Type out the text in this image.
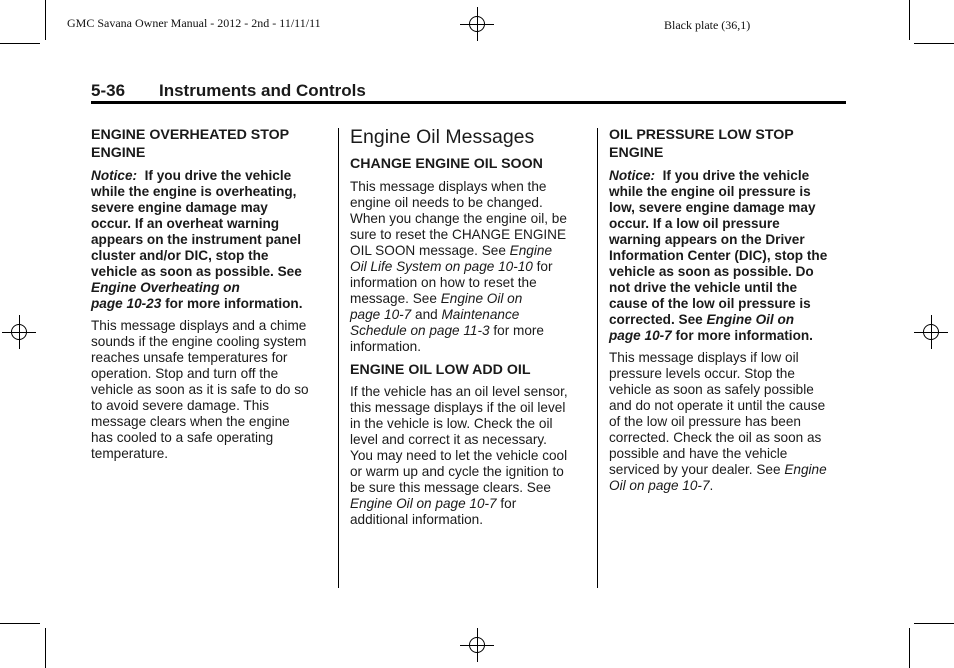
GMC Savana Owner Manual - 2012 - 2nd - 11/11/11	Black plate (36,1)
5-36 Instruments and Controls
ENGINE OVERHEATED STOP
ENGINE
Notice: If you drive the vehicle
while the engine is overheating,
severe engine damage may
occur. If an overheat warning
appears on the instrument panel
cluster and/or DIC, stop the
vehicle as soon as possible. See
Engine Overheating on
page 10-23 for more information.
This message displays and a chime
sounds if the engine cooling system
reaches unsafe temperatures for
operation. Stop and turn off the
vehicle as soon as it is safe to do so
to avoid severe damage. This
message clears when the engine
has cooled to a safe operating
temperature.
Engine Oil Messages
CHANGE ENGINE OIL SOON
This message displays when the
engine oil needs to be changed.
When you change the engine oil, be
sure to reset the CHANGE ENGINE
OIL SOON message. See Engine
Oil Life System on page 10-10 for
information on how to reset the
message. See Engine Oil on
page 10-7 and Maintenance
Schedule on page 11-3 for more
information.
ENGINE OIL LOW ADD OIL
If the vehicle has an oil level sensor,
this message displays if the oil level
in the vehicle is low. Check the oil
level and correct it as necessary.
You may need to let the vehicle cool
or warm up and cycle the ignition to
be sure this message clears. See
Engine Oil on page 10-7 for
additional information.
OIL PRESSURE LOW STOP
ENGINE
Notice: If you drive the vehicle
while the engine oil pressure is
low, severe engine damage may
occur. If a low oil pressure
warning appears on the Driver
Information Center (DIC), stop the
vehicle as soon as possible. Do
not drive the vehicle until the
cause of the low oil pressure is
corrected. See Engine Oil on
page 10-7 for more information.
This message displays if low oil
pressure levels occur. Stop the
vehicle as soon as safely possible
and do not operate it until the cause
of the low oil pressure has been
corrected. Check the oil as soon as
possible and have the vehicle
serviced by your dealer. See Engine
Oil on page 10-7.
